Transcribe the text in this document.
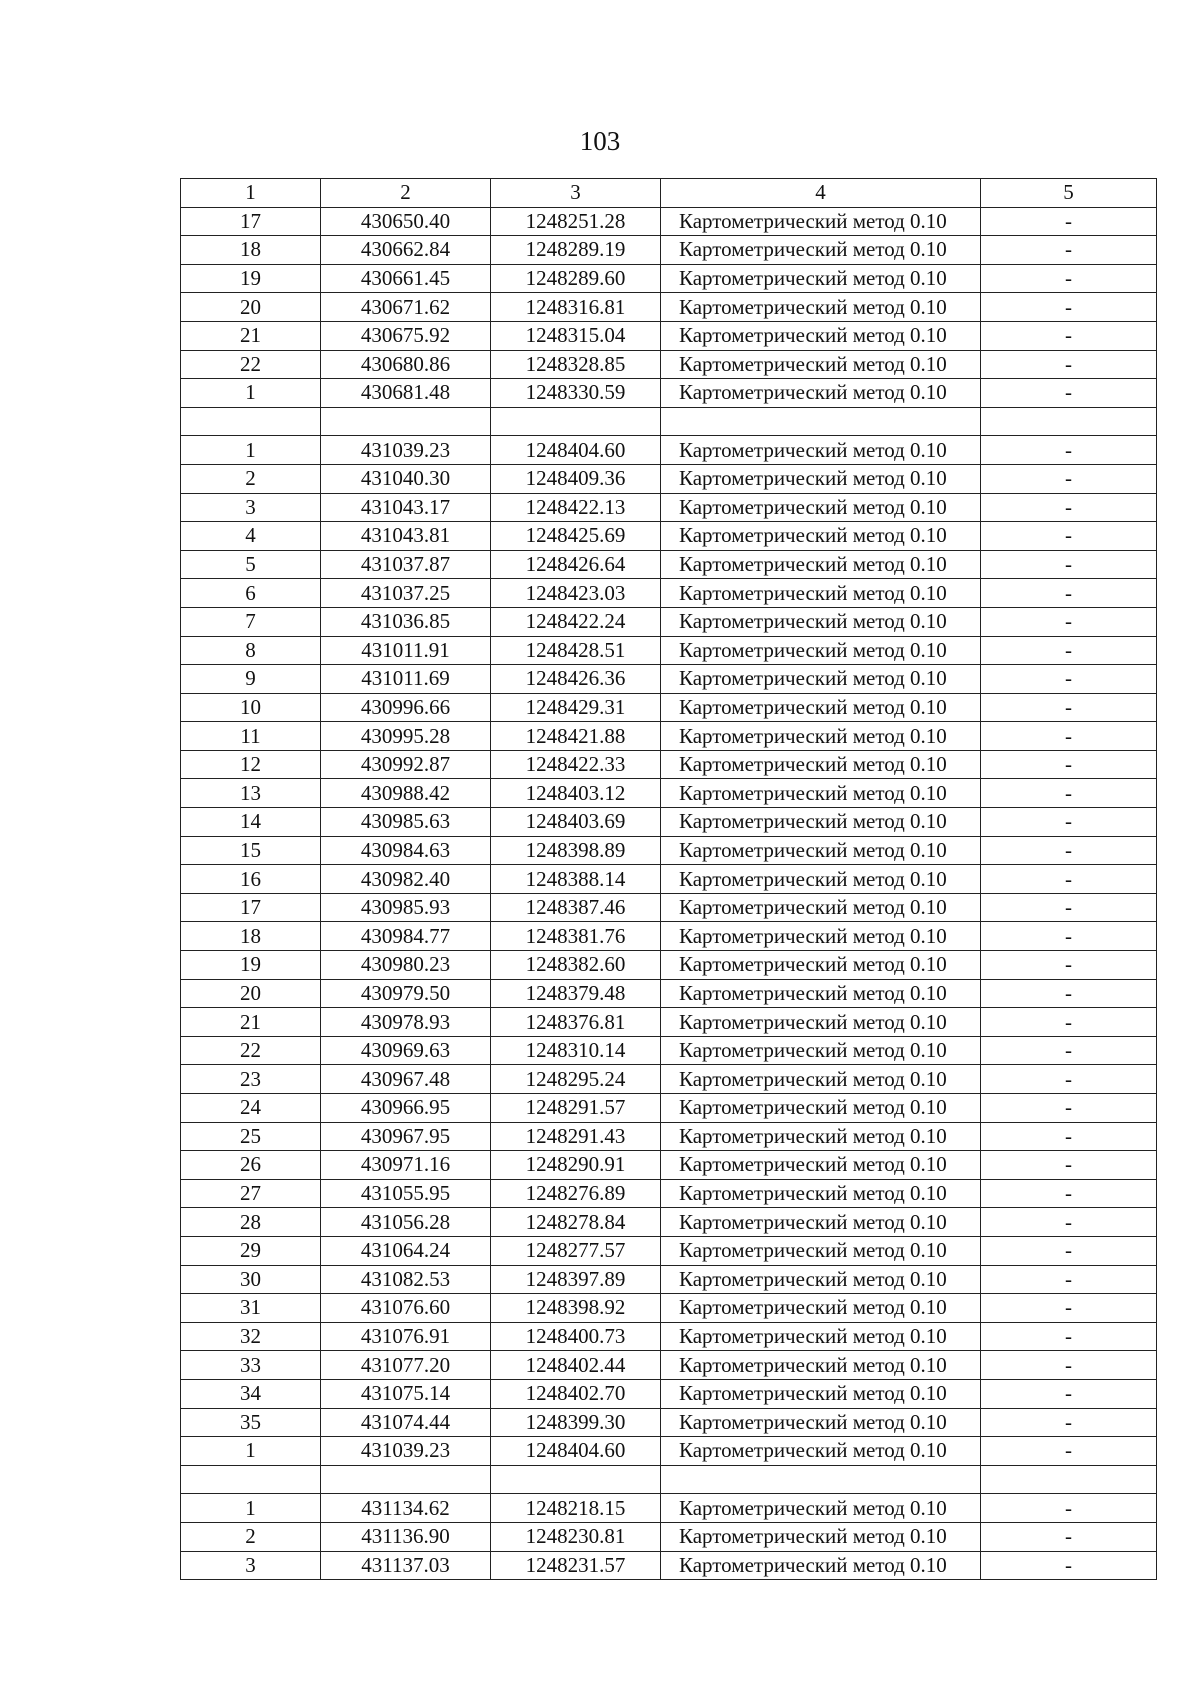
103
1	2	3	4	5
17	430650.40	1248251.28	Картометрический метод 0.10	-
18	430662.84	1248289.19	Картометрический метод 0.10	-
19	430661.45	1248289.60	Картометрический метод 0.10	-
20	430671.62	1248316.81	Картометрический метод 0.10	-
21	430675.92	1248315.04	Картометрический метод 0.10	-
22	430680.86	1248328.85	Картометрический метод 0.10	-
1	430681.48	1248330.59	Картометрический метод 0.10	-

1	431039.23	1248404.60	Картометрический метод 0.10	-
2	431040.30	1248409.36	Картометрический метод 0.10	-
3	431043.17	1248422.13	Картометрический метод 0.10	-
4	431043.81	1248425.69	Картометрический метод 0.10	-
5	431037.87	1248426.64	Картометрический метод 0.10	-
6	431037.25	1248423.03	Картометрический метод 0.10	-
7	431036.85	1248422.24	Картометрический метод 0.10	-
8	431011.91	1248428.51	Картометрический метод 0.10	-
9	431011.69	1248426.36	Картометрический метод 0.10	-
10	430996.66	1248429.31	Картометрический метод 0.10	-
11	430995.28	1248421.88	Картометрический метод 0.10	-
12	430992.87	1248422.33	Картометрический метод 0.10	-
13	430988.42	1248403.12	Картометрический метод 0.10	-
14	430985.63	1248403.69	Картометрический метод 0.10	-
15	430984.63	1248398.89	Картометрический метод 0.10	-
16	430982.40	1248388.14	Картометрический метод 0.10	-
17	430985.93	1248387.46	Картометрический метод 0.10	-
18	430984.77	1248381.76	Картометрический метод 0.10	-
19	430980.23	1248382.60	Картометрический метод 0.10	-
20	430979.50	1248379.48	Картометрический метод 0.10	-
21	430978.93	1248376.81	Картометрический метод 0.10	-
22	430969.63	1248310.14	Картометрический метод 0.10	-
23	430967.48	1248295.24	Картометрический метод 0.10	-
24	430966.95	1248291.57	Картометрический метод 0.10	-
25	430967.95	1248291.43	Картометрический метод 0.10	-
26	430971.16	1248290.91	Картометрический метод 0.10	-
27	431055.95	1248276.89	Картометрический метод 0.10	-
28	431056.28	1248278.84	Картометрический метод 0.10	-
29	431064.24	1248277.57	Картометрический метод 0.10	-
30	431082.53	1248397.89	Картометрический метод 0.10	-
31	431076.60	1248398.92	Картометрический метод 0.10	-
32	431076.91	1248400.73	Картометрический метод 0.10	-
33	431077.20	1248402.44	Картометрический метод 0.10	-
34	431075.14	1248402.70	Картометрический метод 0.10	-
35	431074.44	1248399.30	Картометрический метод 0.10	-
1	431039.23	1248404.60	Картометрический метод 0.10	-

1	431134.62	1248218.15	Картометрический метод 0.10	-
2	431136.90	1248230.81	Картометрический метод 0.10	-
3	431137.03	1248231.57	Картометрический метод 0.10	-
